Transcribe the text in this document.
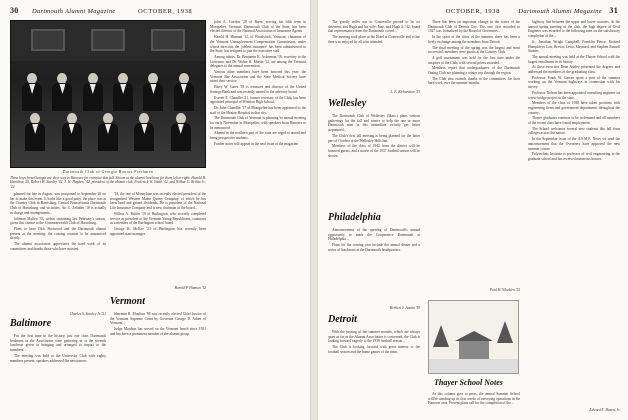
30 Dartmouth Alumni Magazine	OCTOBER, 1938
Dartmouth Club of Georgia Honors Freshmen
These boys from Georgia are their way to Hanover for entrance this fall. Shown at the alumni luncheon for them left to right: Harold H. Hamilton '20, Robert W. Stanley '42, J. H. Hughes, '42, president of the alumni club, Frederick W. Smith '42, and Wilbur C. Brittin Jr., '42.

planned for late in August, was postponed to September 26 on her to make this event. It looks like a good party, the place was at the Country Club in Harrisburg, Central Pennsylvania Dartmouth Club of Harrisburg, and vicinities. Art C. Zehnder '18 is actually in charge and arrangements...

Johnson Mullen '33, within sustaining last February's season, given this chance to the Commonwealth Club of Harrisburg.

Plans to have Dick Sherwood and the Dartmouth alumni present at the meeting; the coming reunion to be announced shortly.

The alumni association appreciates the hard work of its committees and thanks those who have assisted.

Charles S. Starkey Jr. '21
Baltimore

For the first time in the history, just one class Dartmouth freshmen in the Association were gathering in at the seventh luncheon given to bringing and arranged to impart to the members...

The meeting was held at the University Club with eighty members present; speakers addressed the newcomers.

'18, the one of Moneylane was recently elected president of the reorganized Western Maine Quarry Company, of which he has been head and gained dividends. He is president of the National Life Insurance Company and is new chairman of the board...

Wilbur A. Brittin '19 of Burlington, who recently completed service as president of the Vermont Young Republicans, continues as a member of the Burlington school board.

George R. McKee '23 of Burlington has recently been appointed state manager.

Harold P. Hinman '12
Vermont

Sherman R. Moulton '98 was recently elected Chief Justice of the Vermont Supreme Court by Governor George D. Aiken of Vermont...

Judge Moulton has served on the Vermont bench since 1931 and has been a prominent member of the alumni group.

John A. Gordon '29 of Barre, serving his fifth term in Montpelier, Vermont. Dartmouth Club of the State, has been elected director of the National Association of Insurance Agents.

Harold H. Hinman '12, of Woodstock, Vermont, chairman of the Vermont Unemployment Compensation Commission, under whose direction the 'jobless insurance' has been administered in the State, has resigned to join the executive staff.

Among others, Dr. Benjamin K. Ackerman '16, secretary to the Governor, and Dr. Walter H. Martin '12, are among the Vermont delegates to the annual convention.

Various other members have been honored this year: the Vermont Bar Association and the State Medical Society have noted their service.

Harry W. Gates '18 is treasurer and director of the United Savings Bank and was recently named to the advisory board.

Everett E. Chandler '21, former secretary of the Club, has been appointed principal of Windsor High School.

Dr. John Chandler '17 of Montpelier has been appointed to the staff of the Heaton Hospital in that city.

The Dartmouth Club of Vermont is planning its annual meeting for early November in Montpelier, with speakers from Hanover to be announced.

Alumni in the northern part of the state are urged to attend and bring prospective students.

Further notes will appear in the next issue of the magazine.

OCTOBER, 1938	Dartmouth Alumni Magazine 31

The goodly miles our to Coatesville proved to be no deterrent, and Hugh and his wife, Jane, and Hugh Jr. '42, found that representative from the Dartmouth crowd...

The meeting took place at the Hotel at Coatesville and a fine time was enjoyed by all who attended.

L. E. Richardson '25
Wellesley

The Dartmouth Club of Wellesley (Mass.) plans various gatherings for the fall and winter to help the one or more Dartmouth men in this immediate vicinity get better acquainted...

The Club's first fall meeting is being planned for the latter part of October at the Wellesley Hills Inn.

Members of the class of 1942 from the district will be honored guests, and a movie of the 1937 football season will be shown.

Philadelphia

Announcement of the opening of Dartmouth's annual opportunity to mark the Cooperative Dartmouth at Philadelphia...

Plans for the coming year include the annual dinner and a series of luncheons at the Dartmouth headquarters.

Herbert S. Austin '19
Detroit

With the passing of the summer months, which are always quiet as far as the Alumni Association is concerned, the Club is looking forward eagerly to the 1938 football season...

The Club is looking forward with great interest to the football season and the home games of the team.

There has been an important change in the roster of the Dartmouth Club of Detroit City. This one, first recorded in 1927 was formalized by the Board of Governors...

In the spirit of the cities of the summer, there has been a lively exchange among the members from Detroit.

The final meeting of the spring was the largest and most successful; members were guests at the Country Club.

A golf tournament was held for the first time under the auspices of the Club, with several prizes awarded.

Members report that undergraduates of the Dartmouth Outing Club are planning a winter trip through the region.

The Club also extends thanks to the committees for their hard work over the summer months.

Ford H. Whelden '25
Thayer School Notes

As this column goes to press, the annual Summer School will be winding up its first weeks of surveying operations in the Hanover area. Present plans call for the completion of the...

highway line between the upper and lower counties. At the annual spring meeting of the club, the high degree of Civil Engineer was awarded to the following men on the satisfactory completion of the...

Jr., Jonathan Wright Campbell, Franklin Pierce, Richard Humphreys Coit, Brown, Lewis Maynard, and Stephen Russell Stearns.

The annual meeting was held at the Thayer School with the largest enrollment in its history.

At these exercises Dean Ashley presented the degrees and addressed the members of the graduating class.

Professor Frank W. Garran spent a part of the summer working on the Vermont highways in connection with his survey.

Professor Nelson has been appointed consulting engineer on a new bridge project in the state.

Members of the class of 1938 have taken positions with engineering firms and government departments throughout the country.

Thayer graduates continue to be in demand and all members of the recent class have found employment.

The School welcomes several new students this fall from colleges across the nation.

In the September issue of the A.S.M.E. News we read the announcement that the Overseers have approved the new summer course.

Polytechnic Institute is professor of civil engineering in the graduate school and has received numerous honors.

Edward E. Hazen, Jr.
